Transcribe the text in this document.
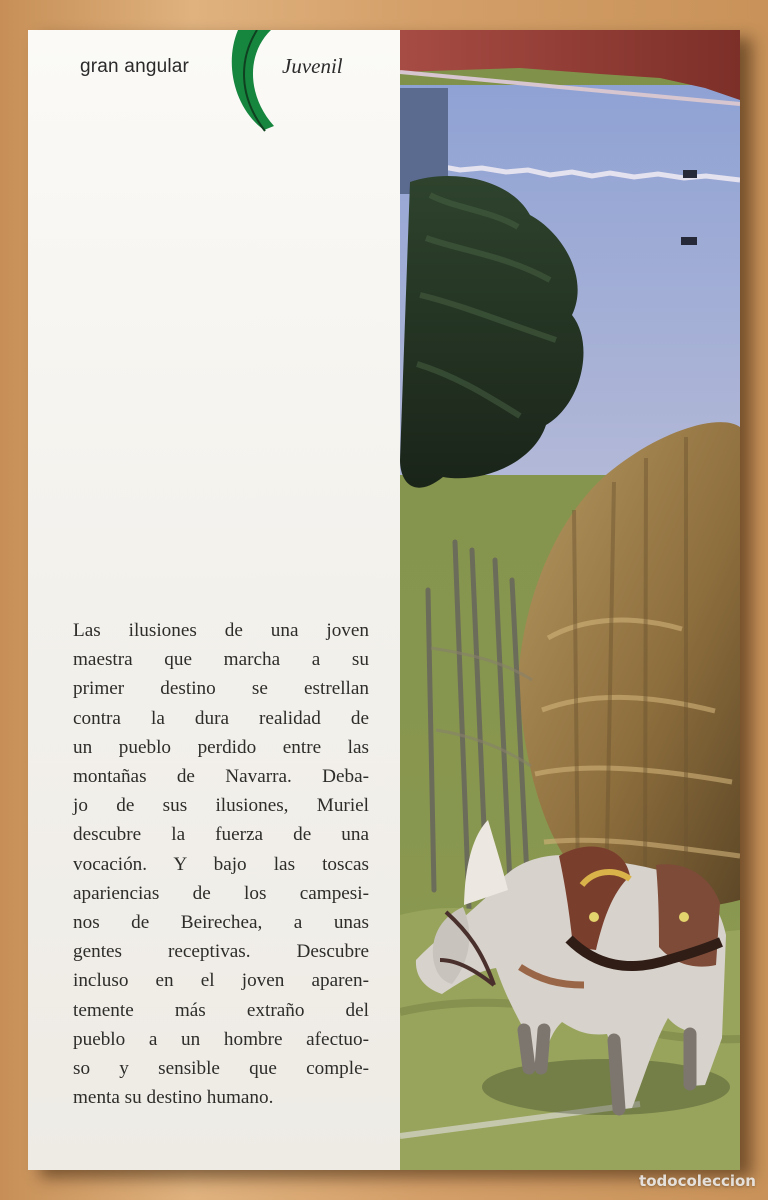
gran angular	Juvenil
Las ilusiones de una joven
maestra que marcha a su
primer destino se estrellan
contra la dura realidad de
un pueblo perdido entre las
montañas de Navarra. Deba-
jo de sus ilusiones, Muriel
descubre la fuerza de una
vocación. Y bajo las toscas
apariencias de los campesi-
nos de Beirechea, a unas
gentes receptivas. Descubre
incluso en el joven aparen-
temente más extraño del
pueblo a un hombre afectuo-
so y sensible que comple-
menta su destino humano.
todocoleccion
